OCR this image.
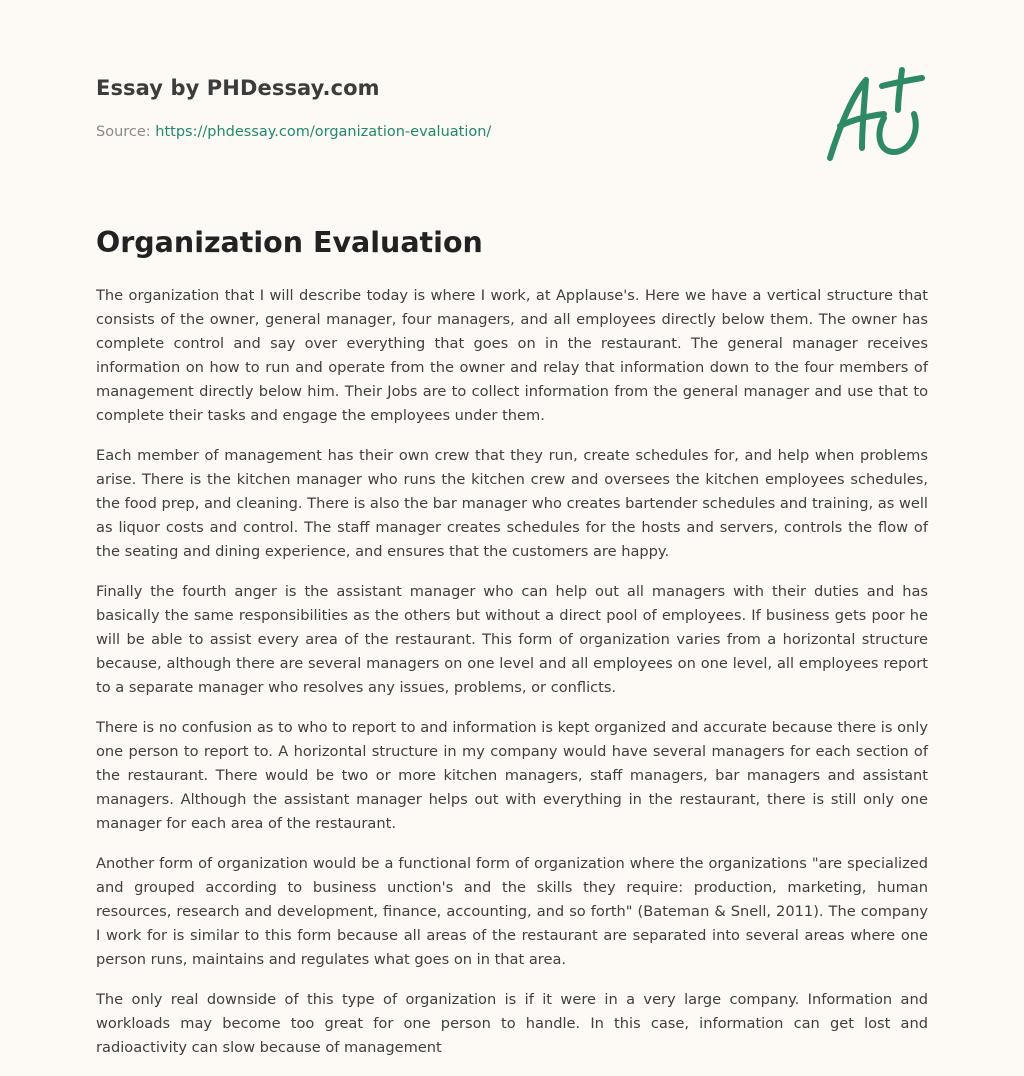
Essay by PHDessay.com
Source: https://phdessay.com/organization-evaluation/
Organization Evaluation

The organization that I will describe today is where I work, at Applause's. Here we have a vertical structure that consists of the owner, general manager, four managers, and all employees directly below them. The owner has complete control and say over everything that goes on in the restaurant. The general manager receives information on how to run and operate from the owner and relay that information down to the four members of management directly below him. Their Jobs are to collect information from the general manager and use that to complete their tasks and engage the employees under them.

Each member of management has their own crew that they run, create schedules for, and help when problems arise. There is the kitchen manager who runs the kitchen crew and oversees the kitchen employees schedules, the food prep, and cleaning. There is also the bar manager who creates bartender schedules and training, as well as liquor costs and control. The staff manager creates schedules for the hosts and servers, controls the flow of the seating and dining experience, and ensures that the customers are happy.

Finally the fourth anger is the assistant manager who can help out all managers with their duties and has basically the same responsibilities as the others but without a direct pool of employees. If business gets poor he will be able to assist every area of the restaurant. This form of organization varies from a horizontal structure because, although there are several managers on one level and all employees on one level, all employees report to a separate manager who resolves any issues, problems, or conflicts.

There is no confusion as to who to report to and information is kept organized and accurate because there is only one person to report to. A horizontal structure in my company would have several managers for each section of the restaurant. There would be two or more kitchen managers, staff managers, bar managers and assistant managers. Although the assistant manager helps out with everything in the restaurant, there is still only one manager for each area of the restaurant.

Another form of organization would be a functional form of organization where the organizations "are specialized and grouped according to business unction's and the skills they require: production, marketing, human resources, research and development, finance, accounting, and so forth" (Bateman & Snell, 2011). The company I work for is similar to this form because all areas of the restaurant are separated into several areas where one person runs, maintains and regulates what goes on in that area.

The only real downside of this type of organization is if it were in a very large company. Information and workloads may become too great for one person to handle. In this case, information can get lost and radioactivity can slow because of management
